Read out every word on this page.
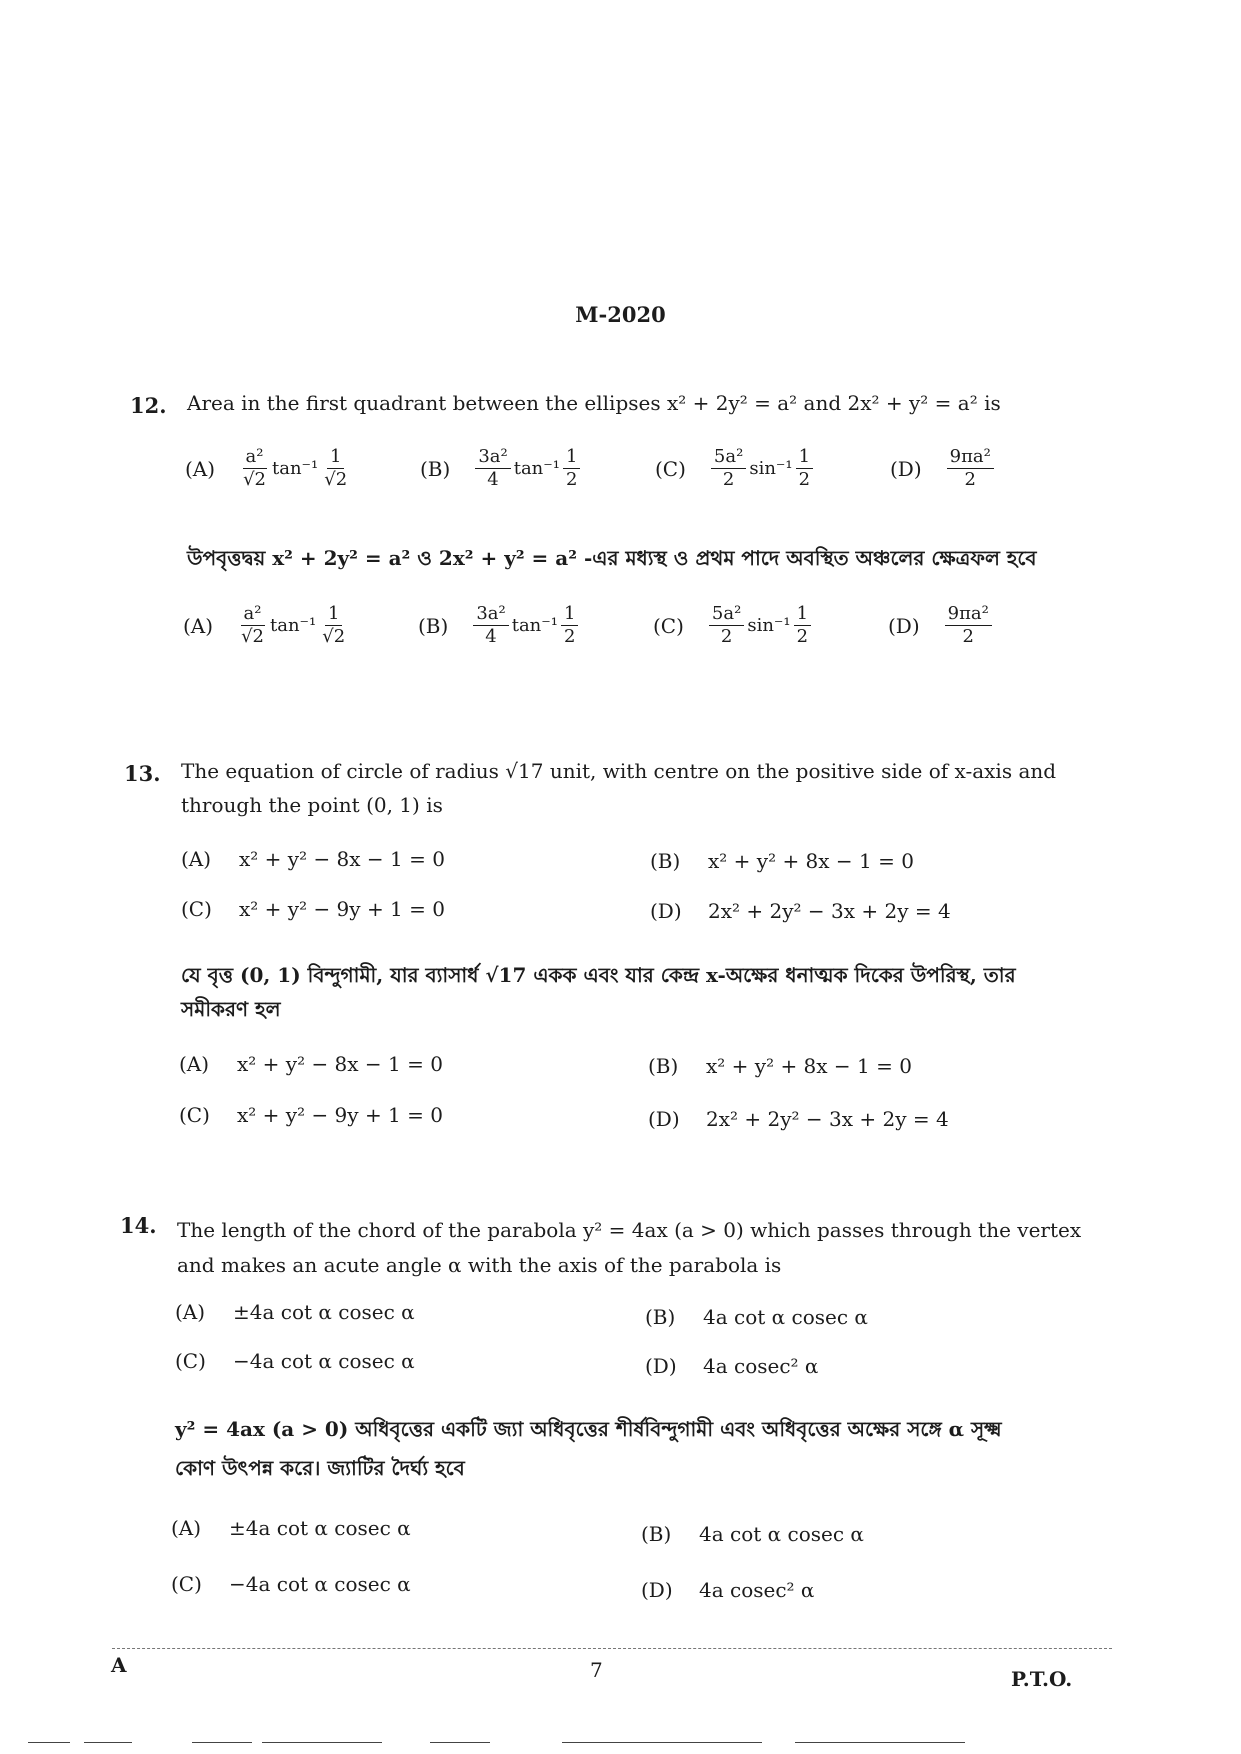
M-2020
12. Area in the first quadrant between the ellipses x² + 2y² = a² and 2x² + y² = a² is
$(A) \frac{\text{a²}}{√2} \tan^{-1} \frac{1}{√2}$	$(B) \frac{\text{3a²}}{4} \tan^{-1} \frac{1}{2}$	$(C) \frac{\text{5a²}}{2} \sin^{-1} \frac{1}{2}$	$(D) \frac{\text{9πa²}}{2}$
উপবৃত্তদ্বয় x² + 2y² = a² ও 2x² + y² = a² -এর মধ্যস্থ ও প্রথম পাদে অবস্থিত অঞ্চলের ক্ষেত্রফল হবে
$(A) \frac{\text{a²}}{√2} \tan^{-1} \frac{1}{√2}$	$(B) \frac{\text{3a²}}{4} \tan^{-1} \frac{1}{2}$	$(C) \frac{\text{5a²}}{2} \sin^{-1} \frac{1}{2}$	$(D) \frac{\text{9πa²}}{2}$
13. The equation of circle of radius √17 unit, with centre on the positive side of x-axis and
through the point (0, 1) is
(A) x² + y² − 8x − 1 = 0	(B) x² + y² + 8x − 1 = 0
(C) x² + y² − 9y + 1 = 0	(D) 2x² + 2y² − 3x + 2y = 4
যে বৃত্ত (0, 1) বিন্দুগামী, যার ব্যাসার্ধ √17 একক এবং যার কেন্দ্র x-অক্ষের ধনাত্মক দিকের উপরিস্থ, তার
সমীকরণ হল
(A) x² + y² − 8x − 1 = 0	(B) x² + y² + 8x − 1 = 0
(C) x² + y² − 9y + 1 = 0	(D) 2x² + 2y² − 3x + 2y = 4
14. The length of the chord of the parabola y² = 4ax (a > 0) which passes through the vertex
and makes an acute angle α with the axis of the parabola is
(A) ±4a cot α cosec α	(B) 4a cot α cosec α
(C) −4a cot α cosec α	(D) 4a cosec² α
y² = 4ax (a > 0) অধিবৃত্তের একটি জ্যা অধিবৃত্তের শীর্ষবিন্দুগামী এবং অধিবৃত্তের অক্ষের সঙ্গে α সূক্ষ্ম
কোণ উৎপন্ন করে। জ্যাটির দৈর্ঘ্য হবে
(A) ±4a cot α cosec α	(B) 4a cot α cosec α
(C) −4a cot α cosec α	(D) 4a cosec² α
A	7	P.T.O.
